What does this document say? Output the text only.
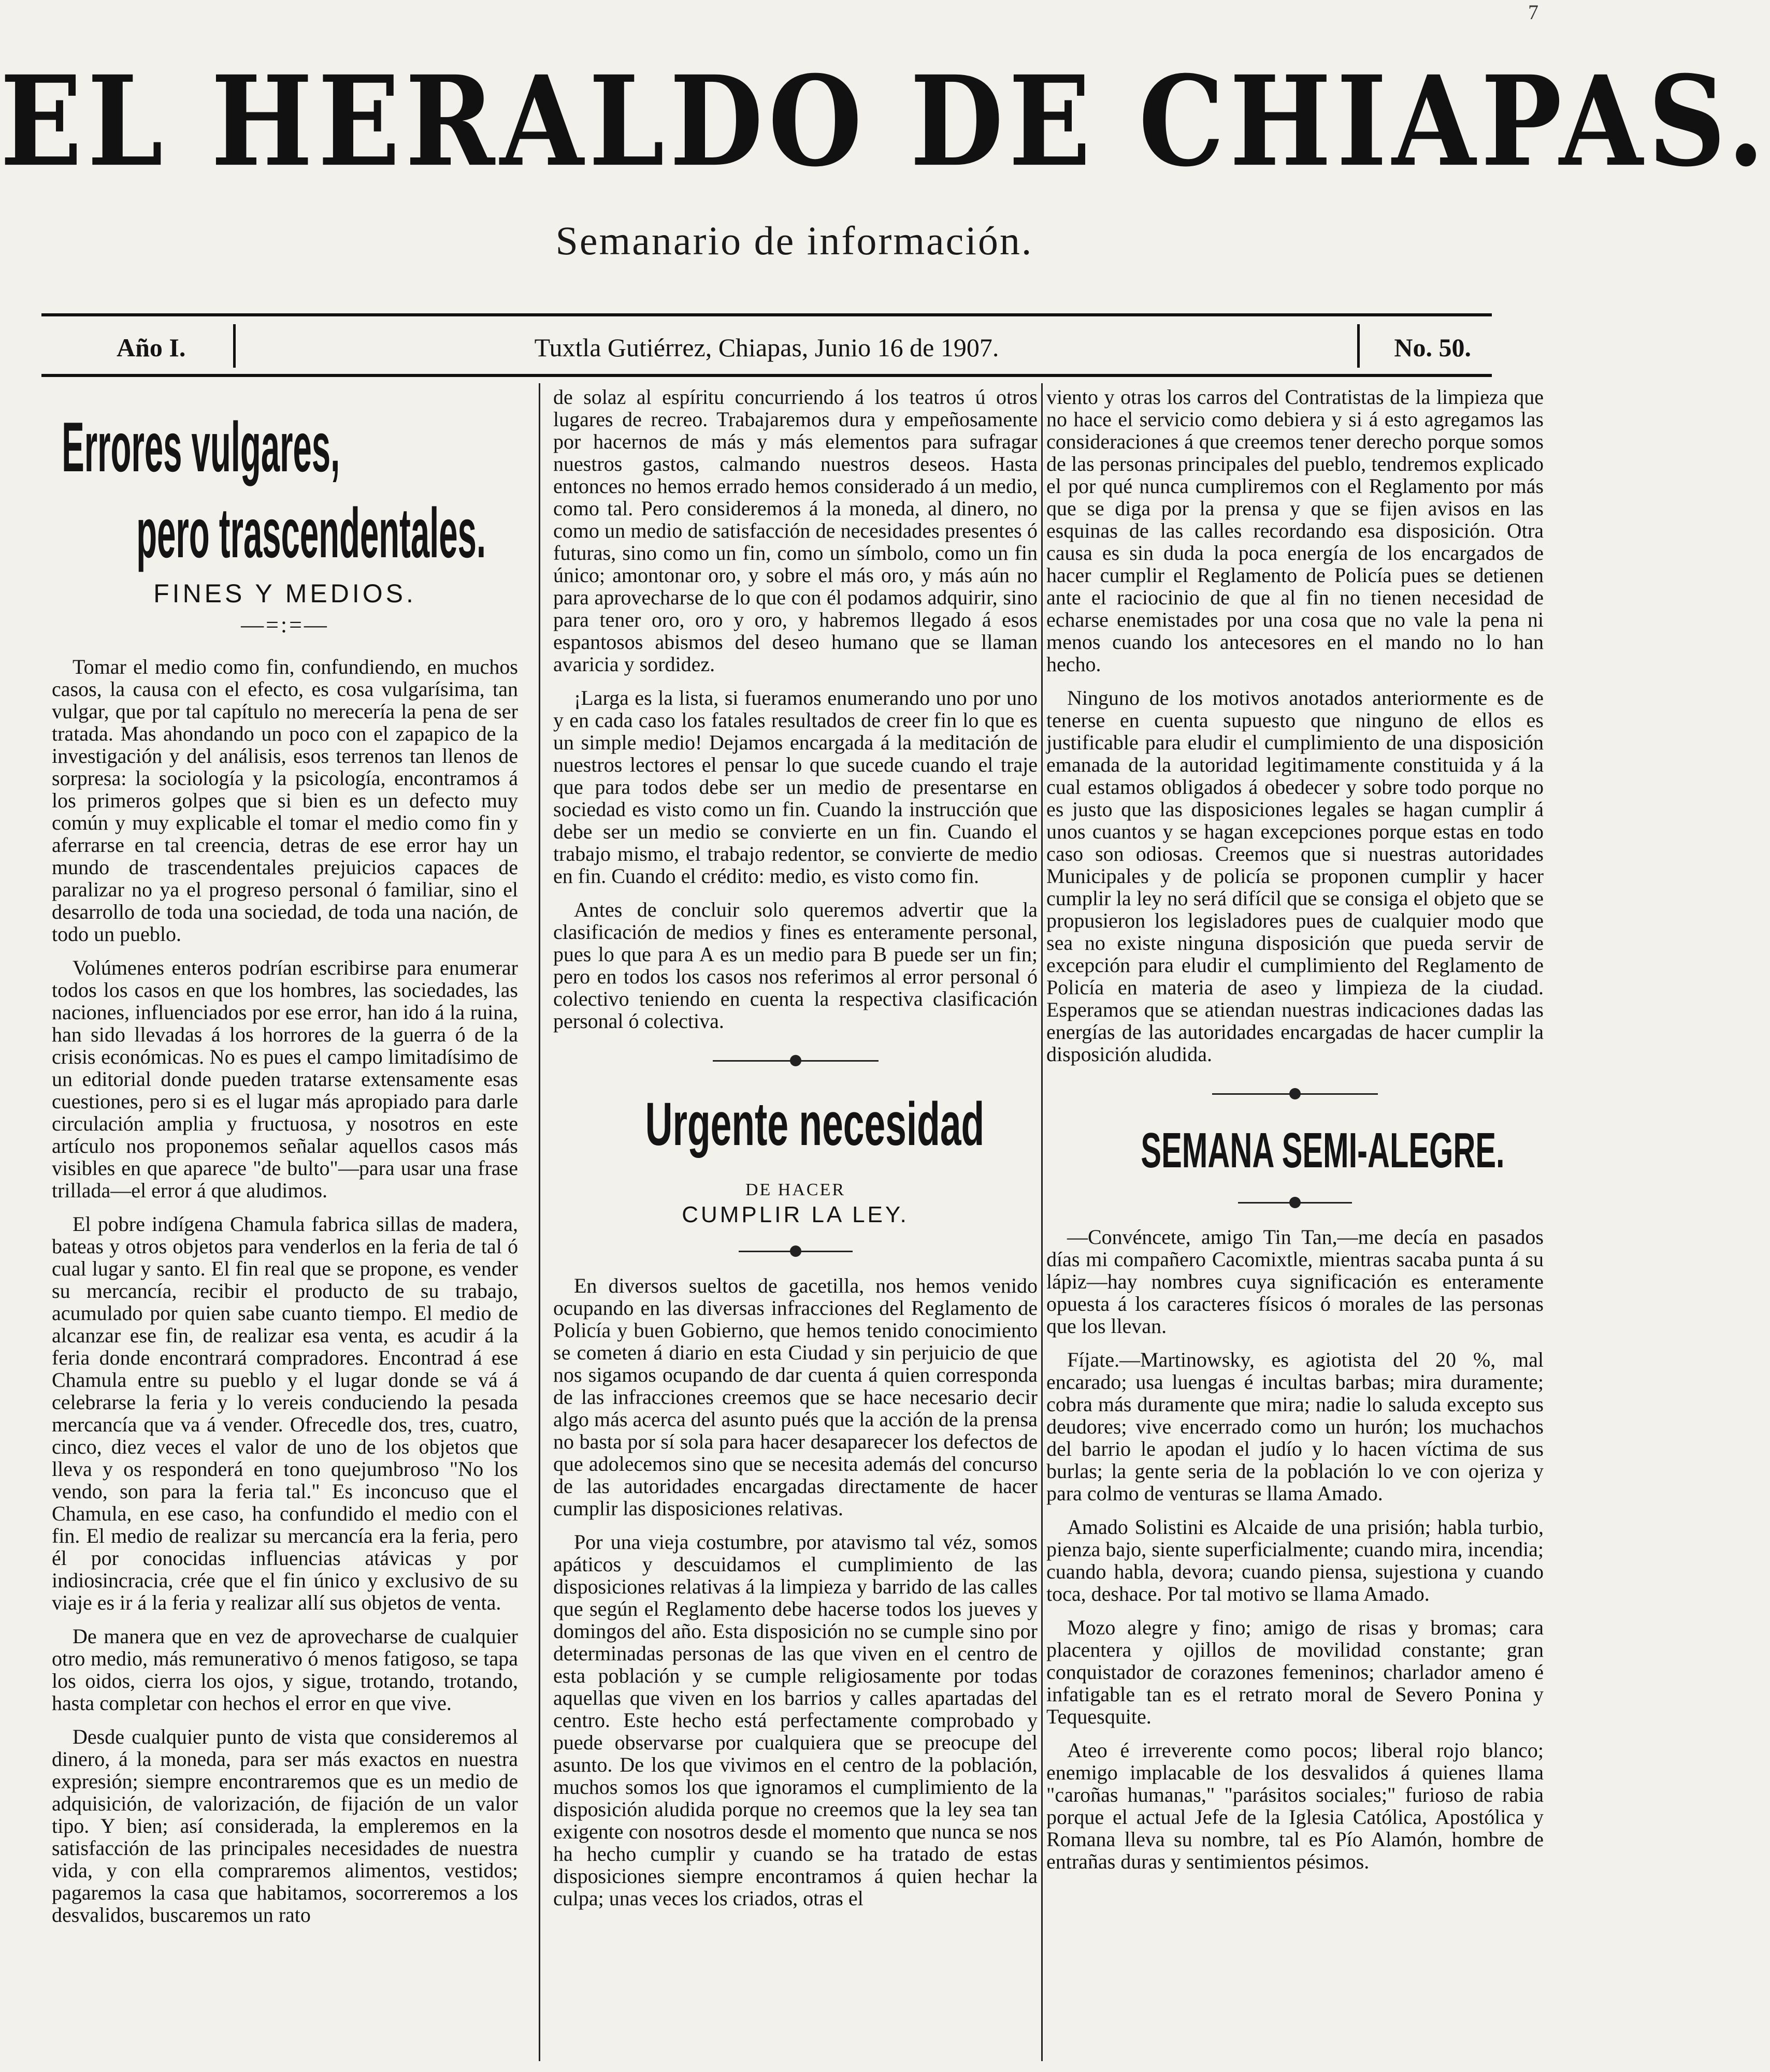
7
EL HERALDO DE CHIAPAS.
Semanario de información.
Año I.	Tuxtla Gutiérrez, Chiapas, Junio 16 de 1907.	No. 50.
Errores vulgares,
pero trascendentales.
FINES Y MEDIOS.
—=:=—

Tomar el medio como fin, confundiendo, en muchos casos, la causa con el efecto, es cosa vulgarísima, tan vulgar, que por tal capítulo no merecería la pena de ser tratada. Mas ahondando un poco con el zapapico de la investigación y del análisis, esos terrenos tan llenos de sorpresa: la sociología y la psicología, encontramos á los primeros golpes que si bien es un defecto muy común y muy explicable el tomar el medio como fin y aferrarse en tal creencia, detras de ese error hay un mundo de trascendentales prejuicios capaces de paralizar no ya el progreso personal ó familiar, sino el desarrollo de toda una sociedad, de toda una nación, de todo un pueblo.

Volúmenes enteros podrían escribirse para enumerar todos los casos en que los hombres, las sociedades, las naciones, influenciados por ese error, han ido á la ruina, han sido llevadas á los horrores de la guerra ó de la crisis económicas. No es pues el campo limitadísimo de un editorial donde pueden tratarse extensamente esas cuestiones, pero si es el lugar más apropiado para darle circulación amplia y fructuosa, y nosotros en este artículo nos proponemos señalar aquellos casos más visibles en que aparece "de bulto"—para usar una frase trillada—el error á que aludimos.

El pobre indígena Chamula fabrica sillas de madera, bateas y otros objetos para venderlos en la feria de tal ó cual lugar y santo. El fin real que se propone, es vender su mercancía, recibir el producto de su trabajo, acumulado por quien sabe cuanto tiempo. El medio de alcanzar ese fin, de realizar esa venta, es acudir á la feria donde encontrará compradores. Encontrad á ese Chamula entre su pueblo y el lugar donde se vá á celebrarse la feria y lo vereis conduciendo la pesada mercancía que va á vender. Ofrecedle dos, tres, cuatro, cinco, diez veces el valor de uno de los objetos que lleva y os responderá en tono quejumbroso "No los vendo, son para la feria tal." Es inconcuso que el Chamula, en ese caso, ha confundido el medio con el fin. El medio de realizar su mercancía era la feria, pero él por conocidas influencias atávicas y por indiosincracia, crée que el fin único y exclusivo de su viaje es ir á la feria y realizar allí sus objetos de venta.

De manera que en vez de aprovecharse de cualquier otro medio, más remunerativo ó menos fatigoso, se tapa los oidos, cierra los ojos, y sigue, trotando, trotando, hasta completar con hechos el error en que vive.

Desde cualquier punto de vista que consideremos al dinero, á la moneda, para ser más exactos en nuestra expresión; siempre encontraremos que es un medio de adquisición, de valorización, de fijación de un valor tipo. Y bien; así considerada, la empleremos en la satisfacción de las principales necesidades de nuestra vida, y con ella compraremos alimentos, vestidos; pagaremos la casa que habitamos, socorreremos a los desvalidos, buscaremos un rato

de solaz al espíritu concurriendo á los teatros ú otros lugares de recreo. Trabajaremos dura y empeñosamente por hacernos de más y más elementos para sufragar nuestros gastos, calmando nuestros deseos. Hasta entonces no hemos errado hemos considerado á un medio, como tal. Pero consideremos á la moneda, al dinero, no como un medio de satisfacción de necesidades presentes ó futuras, sino como un fin, como un símbolo, como un fin único; amontonar oro, y sobre el más oro, y más aún no para aprovecharse de lo que con él podamos adquirir, sino para tener oro, oro y oro, y habremos llegado á esos espantosos abismos del deseo humano que se llaman avaricia y sordidez.

¡Larga es la lista, si fueramos enumerando uno por uno y en cada caso los fatales resultados de creer fin lo que es un simple medio! Dejamos encargada á la meditación de nuestros lectores el pensar lo que sucede cuando el traje que para todos debe ser un medio de presentarse en sociedad es visto como un fin. Cuando la instrucción que debe ser un medio se convierte en un fin. Cuando el trabajo mismo, el trabajo redentor, se convierte de medio en fin. Cuando el crédito: medio, es visto como fin.

Antes de concluir solo queremos advertir que la clasificación de medios y fines es enteramente personal, pues lo que para A es un medio para B puede ser un fin; pero en todos los casos nos referimos al error personal ó colectivo teniendo en cuenta la respectiva clasificación personal ó colectiva.

Urgente necesidad
DE HACER
CUMPLIR LA LEY.

En diversos sueltos de gacetilla, nos hemos venido ocupando en las diversas infracciones del Reglamento de Policía y buen Gobierno, que hemos tenido conocimiento se cometen á diario en esta Ciudad y sin perjuicio de que nos sigamos ocupando de dar cuenta á quien corresponda de las infracciones creemos que se hace necesario decir algo más acerca del asunto pués que la acción de la prensa no basta por sí sola para hacer desaparecer los defectos de que adolecemos sino que se necesita además del concurso de las autoridades encargadas directamente de hacer cumplir las disposiciones relativas.

Por una vieja costumbre, por atavismo tal véz, somos apáticos y descuidamos el cumplimiento de las disposiciones relativas á la limpieza y barrido de las calles que según el Reglamento debe hacerse todos los jueves y domingos del año. Esta disposición no se cumple sino por determinadas personas de las que viven en el centro de esta población y se cumple religiosamente por todas aquellas que viven en los barrios y calles apartadas del centro. Este hecho está perfectamente comprobado y puede observarse por cualquiera que se preocupe del asunto. De los que vivimos en el centro de la población, muchos somos los que ignoramos el cumplimiento de la disposición aludida porque no creemos que la ley sea tan exigente con nosotros desde el momento que nunca se nos ha hecho cumplir y cuando se ha tratado de estas disposiciones siempre encontramos á quien hechar la culpa; unas veces los criados, otras el

viento y otras los carros del Contratistas de la limpieza que no hace el servicio como debiera y si á esto agregamos las consideraciones á que creemos tener derecho porque somos de las personas principales del pueblo, tendremos explicado el por qué nunca cumpliremos con el Reglamento por más que se diga por la prensa y que se fijen avisos en las esquinas de las calles recordando esa disposición. Otra causa es sin duda la poca energía de los encargados de hacer cumplir el Reglamento de Policía pues se detienen ante el raciocinio de que al fin no tienen necesidad de echarse enemistades por una cosa que no vale la pena ni menos cuando los antecesores en el mando no lo han hecho.

Ninguno de los motivos anotados anteriormente es de tenerse en cuenta supuesto que ninguno de ellos es justificable para eludir el cumplimiento de una disposición emanada de la autoridad legitimamente constituida y á la cual estamos obligados á obedecer y sobre todo porque no es justo que las disposiciones legales se hagan cumplir á unos cuantos y se hagan excepciones porque estas en todo caso son odiosas. Creemos que si nuestras autoridades Municipales y de policía se proponen cumplir y hacer cumplir la ley no será difícil que se consiga el objeto que se propusieron los legisladores pues de cualquier modo que sea no existe ninguna disposición que pueda servir de excepción para eludir el cumplimiento del Reglamento de Policía en materia de aseo y limpieza de la ciudad. Esperamos que se atiendan nuestras indicaciones dadas las energías de las autoridades encargadas de hacer cumplir la disposición aludida.

SEMANA SEMI-ALEGRE.

—Convéncete, amigo Tin Tan,—me decía en pasados días mi compañero Cacomixtle, mientras sacaba punta á su lápiz—hay nombres cuya significación es enteramente opuesta á los caracteres físicos ó morales de las personas que los llevan.

Fíjate.—Martinowsky, es agiotista del 20 %, mal encarado; usa luengas é incultas barbas; mira duramente; cobra más duramente que mira; nadie lo saluda excepto sus deudores; vive encerrado como un hurón; los muchachos del barrio le apodan el judío y lo hacen víctima de sus burlas; la gente seria de la población lo ve con ojeriza y para colmo de venturas se llama Amado.

Amado Solistini es Alcaide de una prisión; habla turbio, pienza bajo, siente superficialmente; cuando mira, incendia; cuando habla, devora; cuando piensa, sujestiona y cuando toca, deshace. Por tal motivo se llama Amado.

Mozo alegre y fino; amigo de risas y bromas; cara placentera y ojillos de movilidad constante; gran conquistador de corazones femeninos; charlador ameno é infatigable tan es el retrato moral de Severo Ponina y Tequesquite.

Ateo é irreverente como pocos; liberal rojo blanco; enemigo implacable de los desvalidos á quienes llama "caroñas humanas," "parásitos sociales;" furioso de rabia porque el actual Jefe de la Iglesia Católica, Apostólica y Romana lleva su nombre, tal es Pío Alamón, hombre de entrañas duras y sentimientos pésimos.
